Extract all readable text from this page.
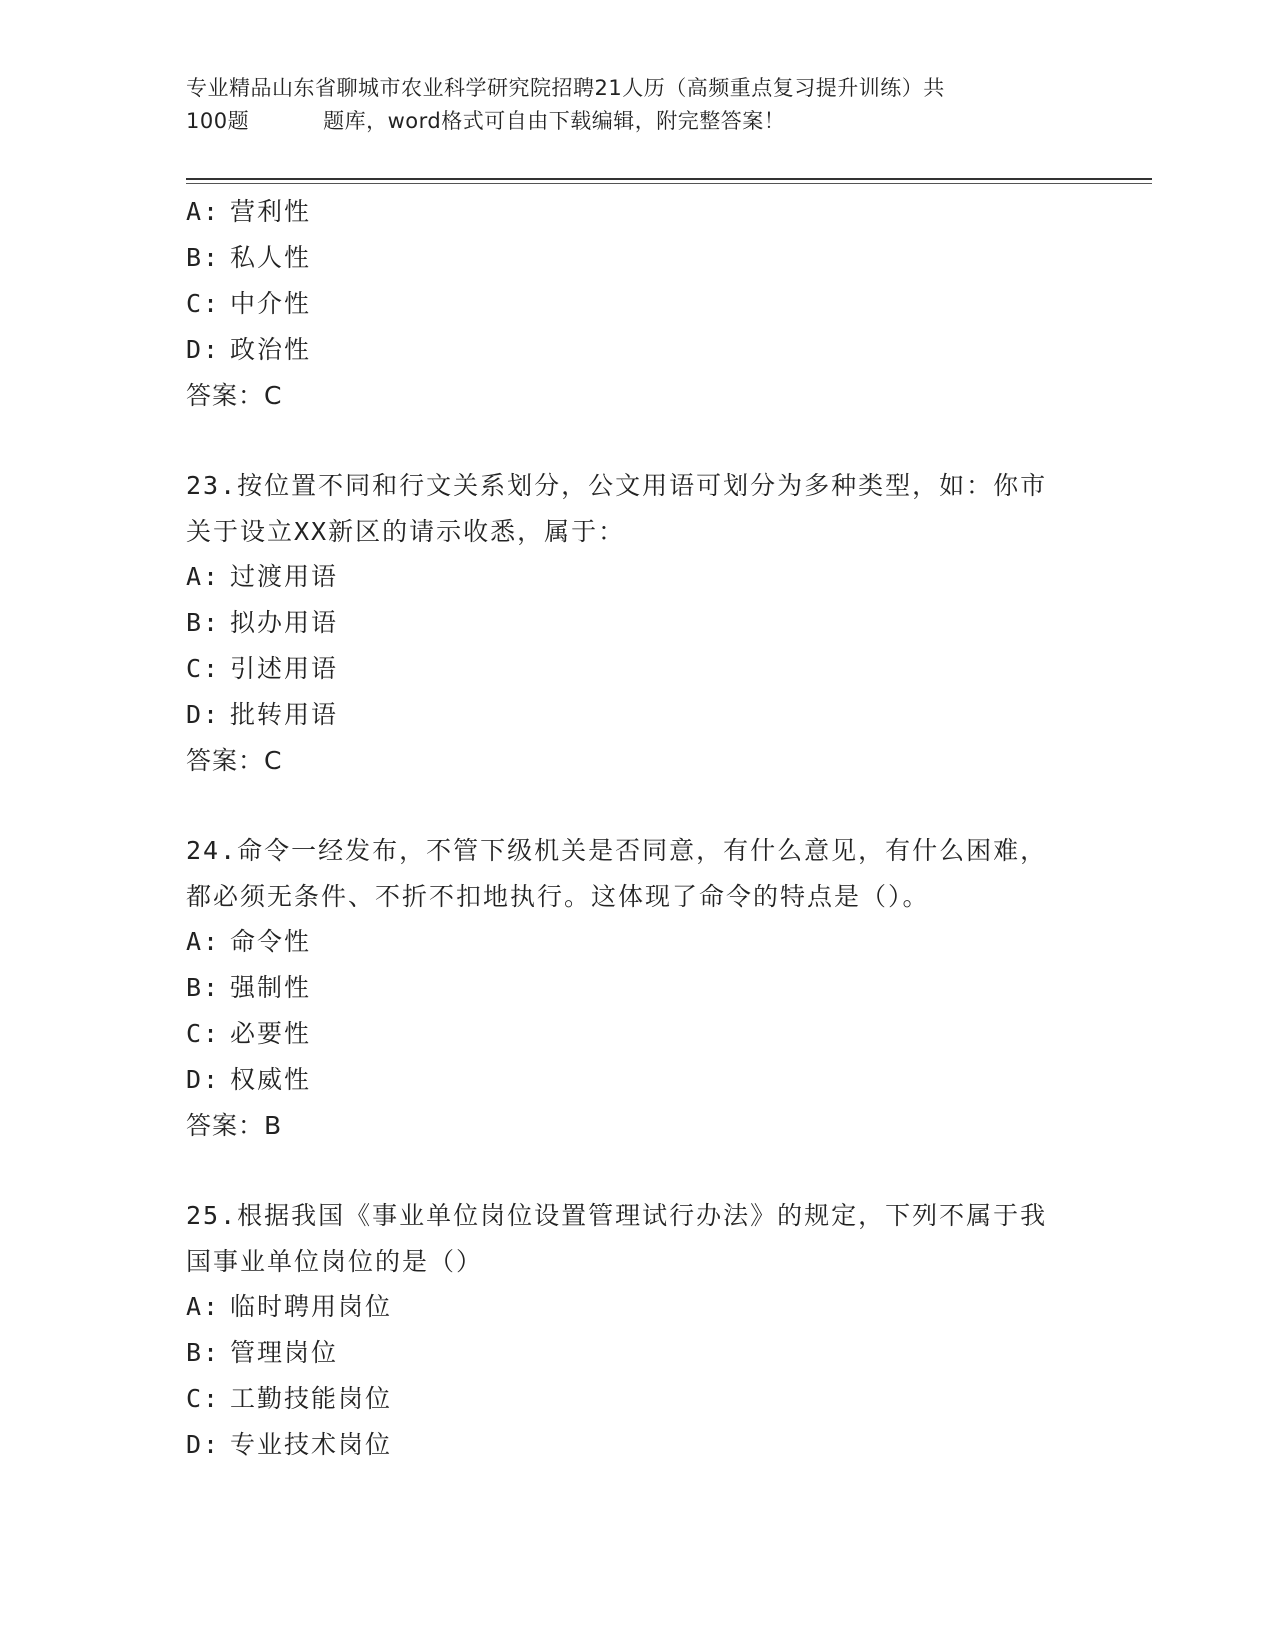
专业精品山东省聊城市农业科学研究院招聘21人历（高频重点复习提升训练）共
100题	题库，word格式可自由下载编辑，附完整答案！
A: 营利性
B: 私人性
C: 中介性
D: 政治性
答案：C
23.按位置不同和行文关系划分，公文用语可划分为多种类型，如：你市关于设立XX新区的请示收悉，属于：
A: 过渡用语
B: 拟办用语
C: 引述用语
D: 批转用语
答案：C
24.命令一经发布，不管下级机关是否同意，有什么意见，有什么困难，都必须无条件、不折不扣地执行。这体现了命令的特点是（）。
A: 命令性
B: 强制性
C: 必要性
D: 权威性
答案：B
25.根据我国《事业单位岗位设置管理试行办法》的规定，下列不属于我国事业单位岗位的是（）
A: 临时聘用岗位
B: 管理岗位
C: 工勤技能岗位
D: 专业技术岗位
